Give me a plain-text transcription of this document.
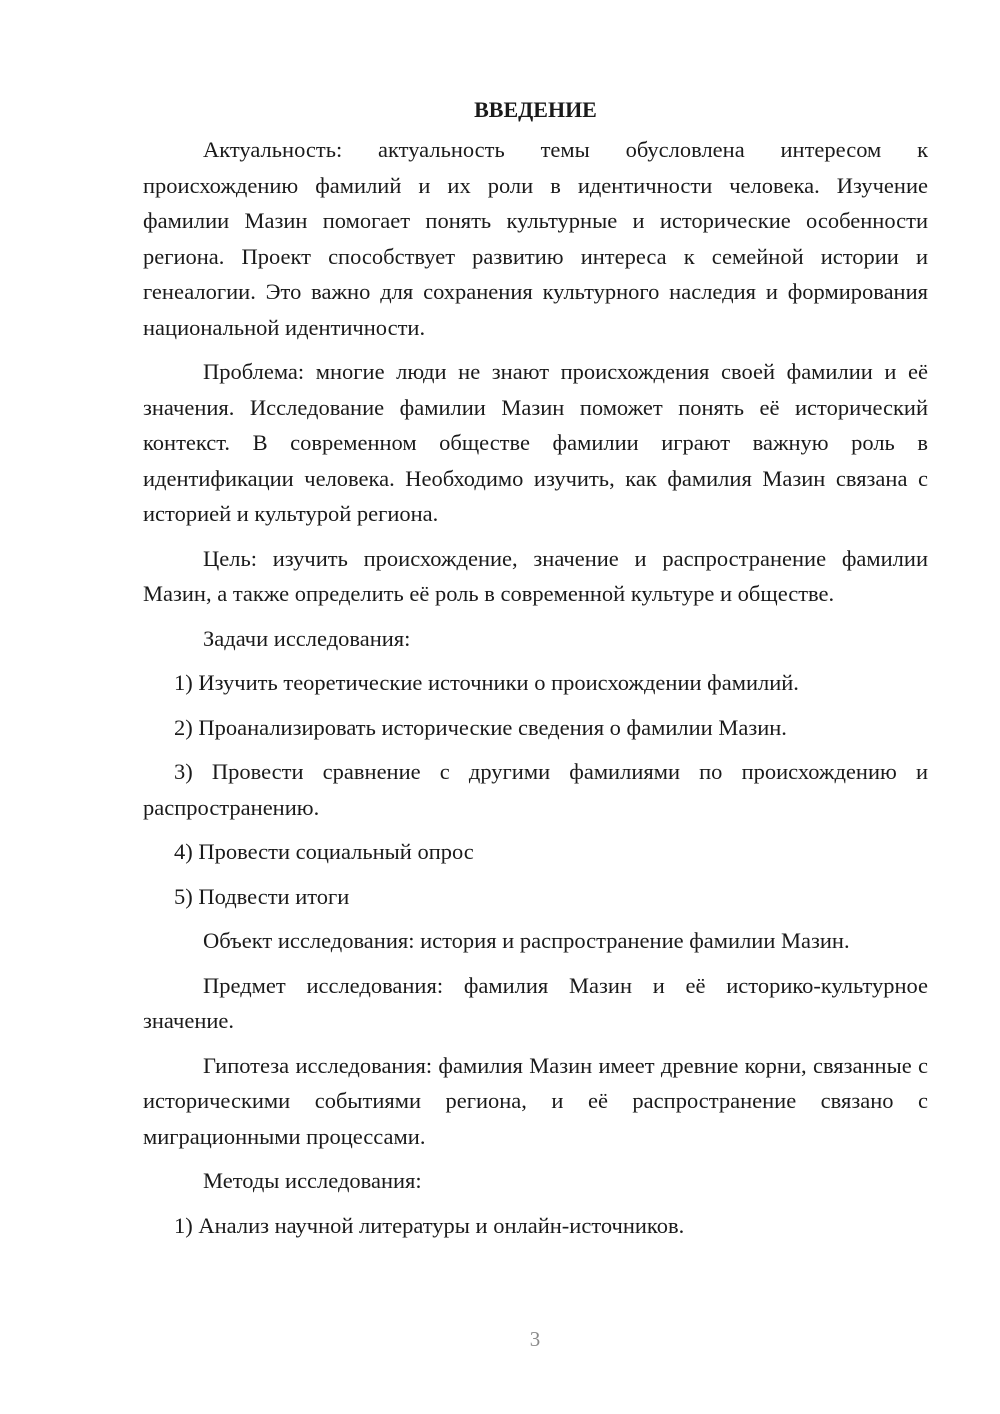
ВВЕДЕНИЕ

Актуальность: актуальность темы обусловлена интересом к происхождению фамилий и их роли в идентичности человека. Изучение фамилии Мазин помогает понять культурные и исторические особенности региона. Проект способствует развитию интереса к семейной истории и генеалогии. Это важно для сохранения культурного наследия и формирования национальной идентичности.

Проблема: многие люди не знают происхождения своей фамилии и её значения. Исследование фамилии Мазин поможет понять её исторический контекст. В современном обществе фамилии играют важную роль в идентификации человека. Необходимо изучить, как фамилия Мазин связана с историей и культурой региона.

Цель: изучить происхождение, значение и распространение фамилии Мазин, а также определить её роль в современной культуре и обществе.

Задачи исследования:

1) Изучить теоретические источники о происхождении фамилий.

2) Проанализировать исторические сведения о фамилии Мазин.

3) Провести сравнение с другими фамилиями по происхождению и распространению.

4) Провести социальный опрос

5) Подвести итоги

Объект исследования: история и распространение фамилии Мазин.

Предмет исследования: фамилия Мазин и её историко-культурное значение.

Гипотеза исследования: фамилия Мазин имеет древние корни, связанные с историческими событиями региона, и её распространение связано с миграционными процессами.

Методы исследования:

1) Анализ научной литературы и онлайн-источников.

3
